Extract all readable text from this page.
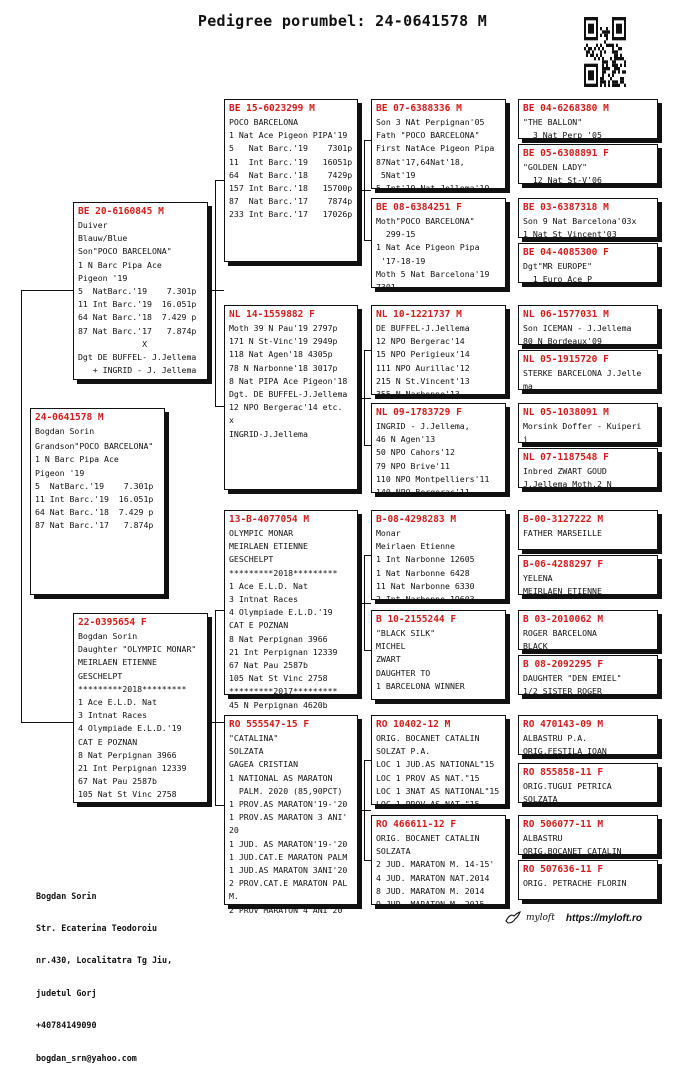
Pedigree porumbel: 24-0641578 M
24-0641578 M
Bogdan Sorin
Grandson"POCO BARCELONA"
1 N Barc Pipa Ace
Pigeon '19
5  NatBarc.'19    7.301p
11 Int Barc.'19  16.051p
64 Nat Barc.'18  7.429 p
87 Nat Barc.'17   7.874p
BE 20-6160845 M
Duiver
Blauw/Blue
Son"POCO BARCELONA"
1 N Barc Pipa Ace
Pigeon '19
5  NatBarc.'19    7.301p
11 Int Barc.'19  16.051p
64 Nat Barc.'18  7.429 p
87 Nat Barc.'17   7.874p
X
Dgt DE BUFFEL- J.Jellema
+ INGRID - J. Jellema
22-0395654 F
Bogdan Sorin
Daughter "OLYMPIC MONAR"
MEIRLAEN ETIENNE
GESCHELPT
*********2018*********
1 Ace E.L.D. Nat
3 Intnat Races
4 Olympiade E.L.D.'19
CAT E POZNAN
8 Nat Perpignan 3966
21 Int Perpignan 12339
67 Nat Pau 2587b
105 Nat St Vinc 2758
BE 15-6023299 M
POCO BARCELONA
1 Nat Ace Pigeon PIPA'19
5   Nat Barc.'19    7301p
11  Int Barc.'19   16051p
64  Nat Barc.'18    7429p
157 Int Barc.'18   15700p
87  Nat Barc.'17    7874p
233 Int Barc.'17   17026p
NL 14-1559882 F
Moth 39 N Pau'19 2797p
171 N St-Vinc'19 2949p
118 Nat Agen'18 4305p
78 N Narbonne'18 3017p
8 Nat PIPA Ace Pigeon'18
Dgt. DE BUFFEL-J.Jellema
12 NPO Bergerac'14 etc.
x
INGRID-J.Jellema
13-B-4077054 M
OLYMPIC MONAR
MEIRLAEN ETIENNE
GESCHELPT
*********2018*********
1 Ace E.L.D. Nat
3 Intnat Races
4 Olympiade E.L.D.'19
CAT E POZNAN
8 Nat Perpignan 3966
21 Int Perpignan 12339
67 Nat Pau 2587b
105 Nat St Vinc 2758
*********2017*********
45 N Perpignan 4620b
RO 555547-15 F
"CATALINA"
SOLZATA
GAGEA CRISTIAN
1 NATIONAL AS MARATON
PALM. 2020 (85,90PCT)
1 PROV.AS MARATON'19-'20
1 PROV.AS MARATON 3 ANI'
20
1 JUD. AS MARATON'19-'20
1 JUD.CAT.E MARATON PALM
1 JUD.AS MARATON 3ANI'20
2 PROV.CAT.E MARATON PAL
M.
2 PROV MARATON 4 ANI'20
BE 07-6388336 M
Son 3 NAt Perpignan'05
Fath "POCO BARCELONA"
First NatAce Pigeon Pipa
87Nat'17,64Nat'18,
5Nat'19
5 Int'19,Nat Jellema'19
BE 08-6384251 F
Moth"POCO BARCELONA"
299-15
1 Nat Ace Pigeon Pipa
'17-18-19
Moth 5 Nat Barcelona'19
7301
NL 10-1221737 M
DE BUFFEL-J.Jellema
12 NPO Bergerac'14
15 NPO Perigieux'14
111 NPO Aurillac'12
215 N St.Vincent'13
355 N Narbonne'13
NL 09-1783729 F
INGRID - J.Jellema,
46 N Agen'13
50 NPO Cahors'12
79 NPO Brive'11
110 NPO Montpelliers'11
140 NPO Bergerac'11
B-08-4298283 M
Monar
Meirlaen Etienne
1 Int Narbonne 12605
1 Nat Narbonne 6428
11 Nat Narbonne 6330
2 Int Narbonne 19603
B 10-2155244 F
"BLACK SILK"
MICHEL
ZWART
DAUGHTER TO
1 BARCELONA WINNER
RO 10402-12 M
ORIG. BOCANET CATALIN
SOLZAT P.A.
LOC 1 JUD.AS NATIONAL"15
LOC 1 PROV AS NAT."15
LOC 1 3NAT AS NATIONAL"15
LOC 1 PROV AS NAT."15
RO 466611-12 F
ORIG. BOCANET CATALIN
SOLZATA
2 JUD. MARATON M. 14-15'
4 JUD. MARATON NAT.2014
8 JUD. MARATON M. 2014
9 JUD. MARATON M. 2015
BE 04-6268380 M
"THE BALLON"
3 Nat Perp '05
BE 05-6308891 F
"GOLDEN LADY"
12 Nat St-V'06
BE 03-6387318 M
Son 9 Nat Barcelona'03x
1 Nat St Vincent'03
BE 04-4085300 F
Dgt"MR EUROPE"
1 Euro Ace P
NL 06-1577031 M
Son ICEMAN - J.Jellema
80 N Bordeaux'09
NL 05-1915720 F
STERKE BARCELONA J.Jelle
ma
NL 05-1038091 M
Morsink Doffer - Kuiperi
j
NL 07-1187548 F
Inbred ZWART GOUD
J.Jellema Moth.2 N
B-00-3127222 M
FATHER MARSEILLE
B-06-4288297 F
YELENA
MEIRLAEN ETIENNE
B 03-2010062 M
ROGER BARCELONA
BLACK
B 08-2092295 F
DAUGHTER "DEN EMIEL"
1/2 SISTER ROGER
RO 470143-09 M
ALBASTRU P.A.
ORIG.FESTILA IOAN
RO 855858-11 F
ORIG.TUGUI PETRICA
SOLZATA
RO 506077-11 M
ALBASTRU
ORIG.BOCANET CATALIN
RO 507636-11 F
ORIG. PETRACHE FLORIN

Bogdan Sorin

Str. Ecaterina Teodoroiu

nr.430, Localitatra Tg Jiu,

judetul Gorj

+40784149090

bogdan_srn@yahoo.com

myloft https://myloft.ro
